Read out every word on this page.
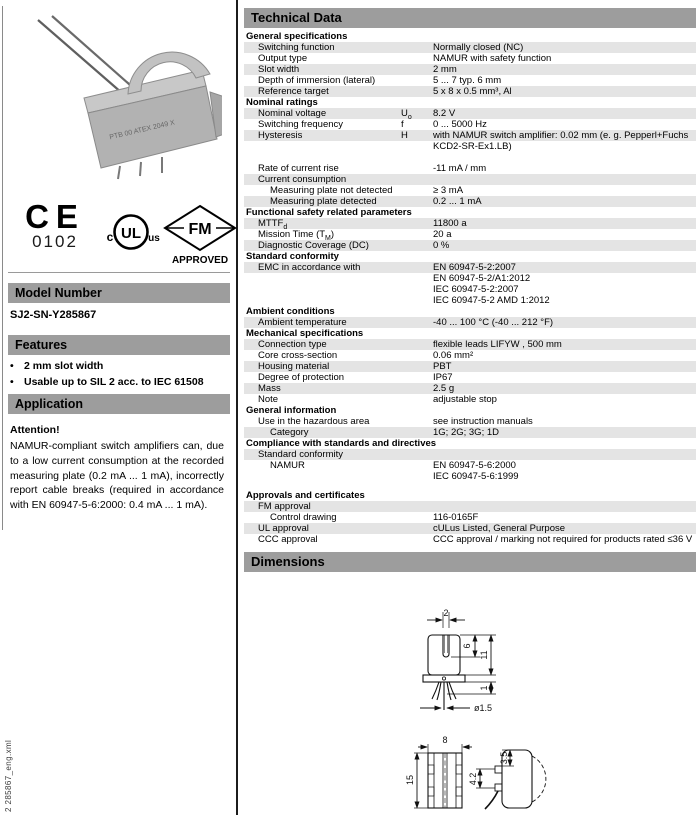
PTB 00 ATEX 2049 X
CE
0102	UL
c	us
FM
APPROVED
Model Number
SJ2-SN-Y285867
Features
• 2 mm slot width
• Usable up to SIL 2 acc. to IEC 61508
Application
Attention!
NAMUR-compliant switch amplifiers can, due to a low current consumption at the recorded measuring plate (0.2 mA ... 1 mA), incorrectly report cable breaks (required in accordance with EN 60947-5-6:2000: 0.4 mA ... 1 mA).
2 285867_eng.xml
Technical Data
General specifications
Switching function	Normally closed (NC)
Output type	NAMUR with safety function
Slot width	2 mm
Depth of immersion (lateral)	5 ... 7 typ. 6 mm
Reference target	5 x 8 x 0.5 mm³, Al
Nominal ratings
Nominal voltage	$U_o$	8.2 V
Switching frequency	f	0 ... 5000 Hz
Hysteresis	H	with NAMUR switch amplifier: 0.02 mm (e. g. Pepperl+Fuchs
KCD2-SR-Ex1.LB)
Rate of current rise	-11 mA / mm
Current consumption
Measuring plate not detected	≥ 3 mA
Measuring plate detected	0.2 ... 1 mA
Functional safety related parameters
$MTTF_d$	11800 a
Mission Time $(T_M)$	20 a
Diagnostic Coverage (DC)	0 %
Standard conformity
EMC in accordance with	EN 60947-5-2:2007
EN 60947-5-2/A1:2012
IEC 60947-5-2:2007
IEC 60947-5-2 AMD 1:2012
Ambient conditions
Ambient temperature	-40 ... 100 °C (-40 ... 212 °F)
Mechanical specifications
Connection type	flexible leads LIFYW , 500 mm
Core cross-section	0.06 mm²
Housing material	PBT
Degree of protection	IP67
Mass	2.5 g
Note	adjustable stop
General information
Use in the hazardous area	see instruction manuals
Category	1G; 2G; 3G; 1D
Compliance with standards and directives
Standard conformity
NAMUR	EN 60947-5-6:2000
IEC 60947-5-6:1999
Approvals and certificates
FM approval
Control drawing	116-0165F
UL approval	cULus Listed, General Purpose
CCC approval	CCC approval / marking not required for products rated ≤36 V
Dimensions
2
6
11
1
ø1.5
8
15	4.2
3.5
